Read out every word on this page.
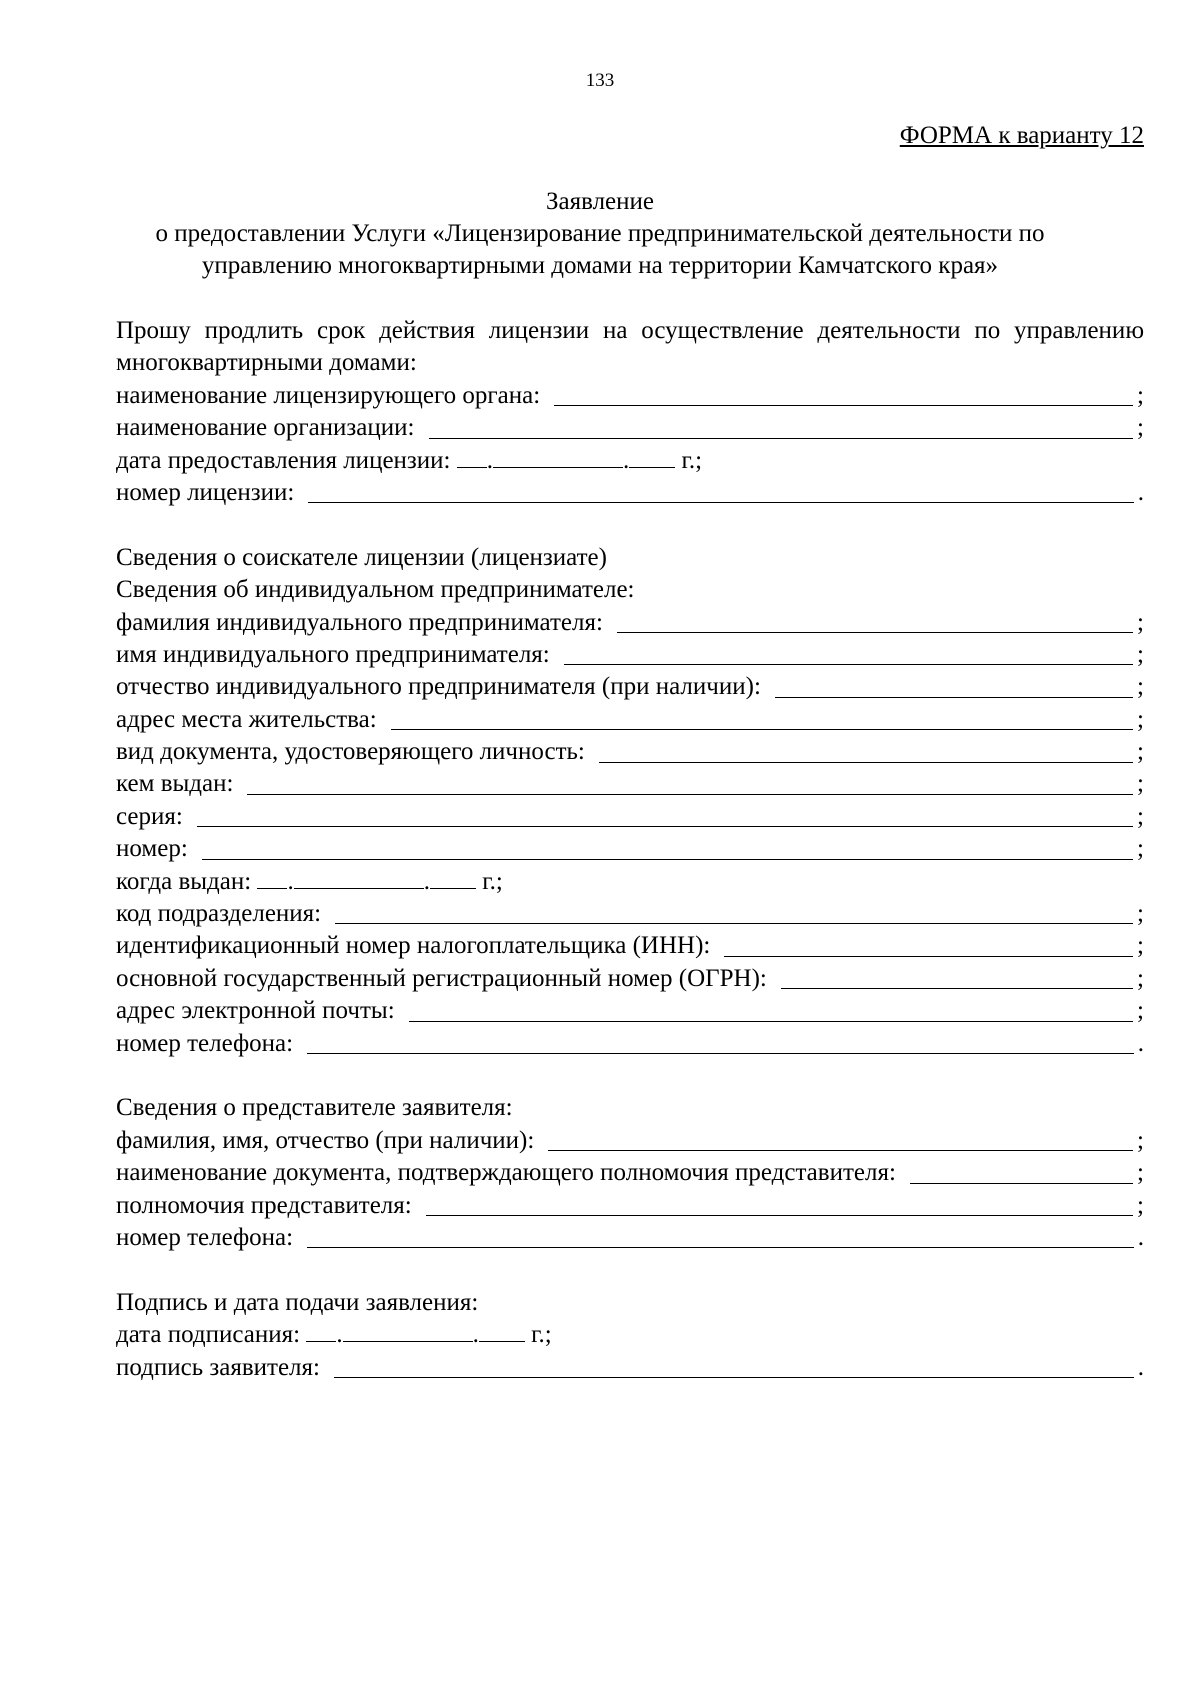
133
ФОРМА к варианту 12
Заявление
о предоставлении Услуги «Лицензирование предпринимательской деятельности по
управлению многоквартирными домами на территории Камчатского края»

Прошу продлить срок действия лицензии на осуществление деятельности по управлению многоквартирными домами:

наименование лицензирующего органа:	;
наименование организации:	;
дата предоставления лицензии: .	. г.;
номер лицензии:	.
Сведения о соискателе лицензии (лицензиате)
Сведения об индивидуальном предпринимателе:
фамилия индивидуального предпринимателя:	;
имя индивидуального предпринимателя:	;
отчество индивидуального предпринимателя (при наличии):	;
адрес места жительства:	;
вид документа, удостоверяющего личность:	;
кем выдан:	;
серия:	;
номер:	;
когда выдан: .	. г.;
код подразделения:	;
идентификационный номер налогоплательщика (ИНН):	;
основной государственный регистрационный номер (ОГРН):	;
адрес электронной почты:	;
номер телефона:	.
Сведения о представителе заявителя:
фамилия, имя, отчество (при наличии):	;
наименование документа, подтверждающего полномочия представителя:	;
полномочия представителя:	;
номер телефона:	.
Подпись и дата подачи заявления:
дата подписания: .	. г.;
подпись заявителя:	.
